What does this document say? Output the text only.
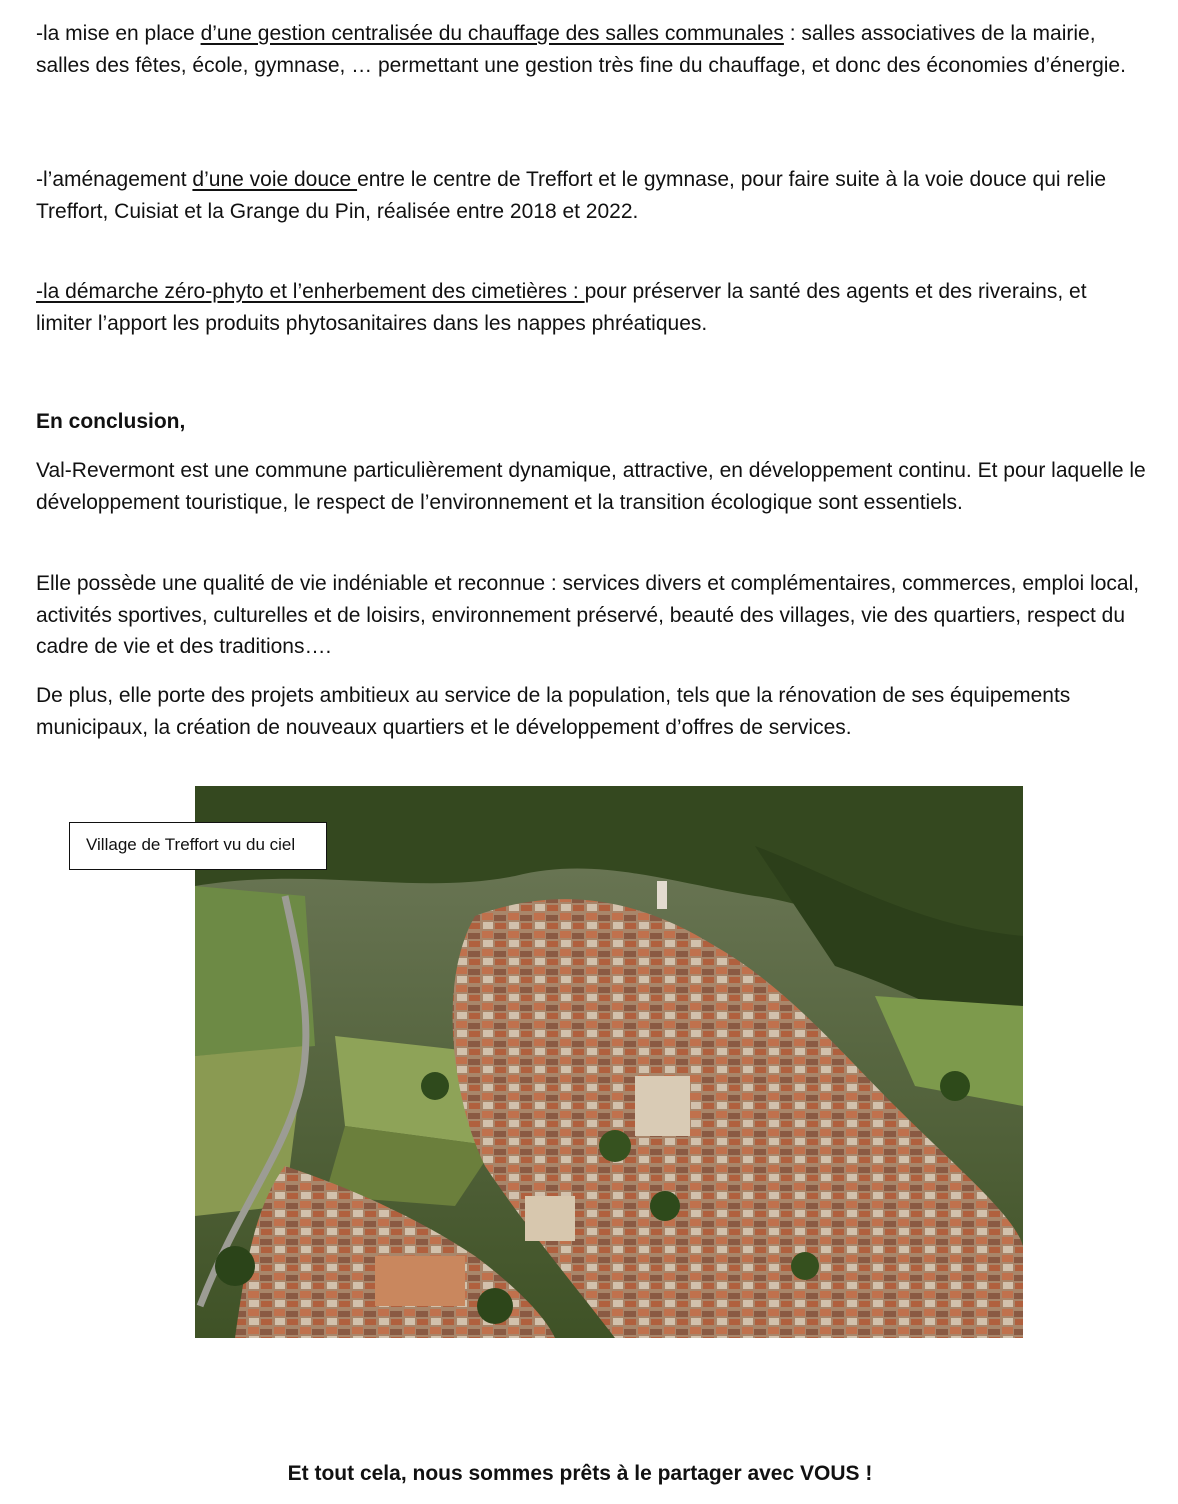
-la mise en place d’une gestion centralisée du chauffage des salles communales : salles associatives de la mairie, salles des fêtes, école, gymnase, … permettant une gestion très fine du chauffage, et donc des économies d’énergie.

-l’aménagement d’une voie douce entre le centre de Treffort et le gymnase, pour faire suite à la voie douce qui relie Treffort, Cuisiat et la Grange du Pin, réalisée entre 2018 et 2022.

-la démarche zéro-phyto et l’enherbement des cimetières : pour préserver la santé des agents et des riverains, et limiter l’apport les produits phytosanitaires dans les nappes phréatiques.

En conclusion,

Val-Revermont est une commune particulièrement dynamique, attractive, en développement continu. Et pour laquelle le développement touristique, le respect de l’environnement et la transition écologique sont essentiels.

Elle possède une qualité de vie indéniable et reconnue : services divers et complémentaires, commerces, emploi local, activités sportives, culturelles et de loisirs, environnement préservé, beauté des villages, vie des quartiers, respect du cadre de vie et des traditions….

De plus, elle porte des projets ambitieux au service de la population, tels que la rénovation de ses équipements municipaux, la création de nouveaux quartiers et le développement d’offres de services.

Village de Treffort vu du ciel
Et tout cela, nous sommes prêts à le partager avec VOUS !
